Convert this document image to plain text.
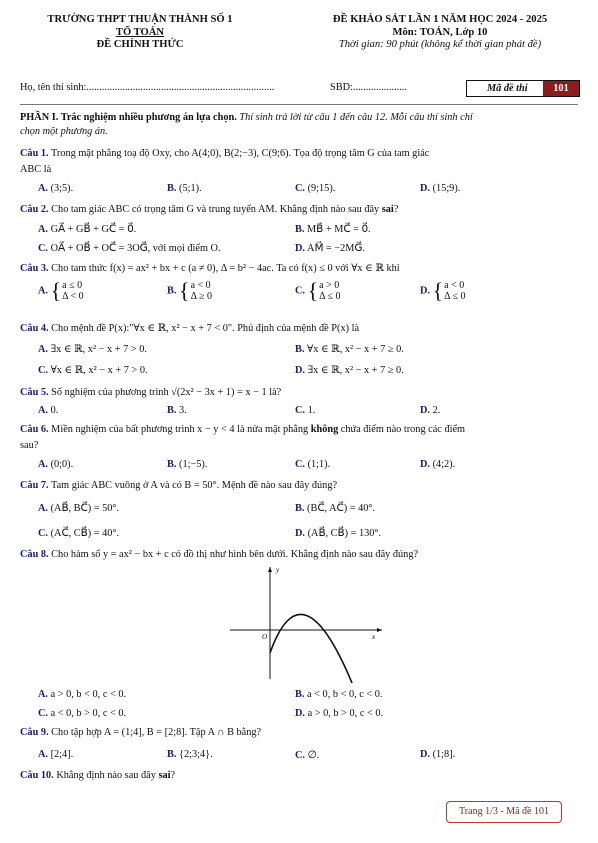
TRƯỜNG THPT THUẬN THÀNH SỐ 1
TỔ TOÁN
ĐỀ CHÍNH THỨC
ĐỀ KHẢO SÁT LẦN 1 NĂM HỌC 2024 - 2025
Môn: TOÁN, Lớp 10
Thời gian: 90 phút (không kể thời gian phát đề)
Họ, tên thí sinh:.........................................................................	SBD:.....................	Mã đề thi	101
PHẦN I. Trắc nghiệm nhiều phương án lựa chọn. Thí sinh trả lời từ câu 1 đến câu 12. Mỗi câu thí sinh chỉ
chọn một phương án.
Câu 1. Trong mặt phẳng toạ độ Oxy, cho A(4;0), B(2;−3), C(9;6). Tọa độ trọng tâm G của tam giác
ABC là
A. (3;5).	B. (5;1).	C. (9;15).	D. (15;9).
Câu 2. Cho tam giác ABC có trọng tâm G và trung tuyến AM. Khẳng định nào sau đây sai?
A. GA⃗ + GB⃗ + GC⃗ = 0⃗.	B. MB⃗ + MC⃗ = 0⃗.
C. OA⃗ + OB⃗ + OC⃗ = 3OG⃗, với mọi điểm O.	D. AM⃗ = −2MG⃗.
Câu 3. Cho tam thức f(x) = ax² + bx + c (a ≠ 0), Δ = b² − 4ac. Ta có f(x) ≤ 0 với ∀x ∈ ℝ khi
A. {a ≤ 0
Δ < 0
B. {a < 0
Δ ≥ 0
C. {a > 0
Δ ≤ 0
D. {a < 0
Δ ≤ 0
Câu 4. Cho mệnh đề P(x):"∀x ∈ ℝ, x² − x + 7 < 0". Phủ định của mệnh đề P(x) là
A. ∃x ∈ ℝ, x² − x + 7 > 0.	B. ∀x ∈ ℝ, x² − x + 7 ≥ 0.
C. ∀x ∈ ℝ, x² − x + 7 > 0.	D. ∃x ∈ ℝ, x² − x + 7 ≥ 0.
Câu 5. Số nghiệm của phương trình √(2x² − 3x + 1) = x − 1 là?
A. 0.	B. 3.	C. 1.	D. 2.
Câu 6. Miền nghiệm của bất phương trình x − y < 4 là nửa mặt phẳng không chứa điểm nào trong các điểm
sau?
A. (0;0).	B. (1;−5).	C. (1;1).	D. (4;2).
Câu 7. Tam giác ABC vuông ở A và có B = 50°. Mệnh đề nào sau đây đúng?
A. (AB⃗, BC⃗) = 50°.	B. (BC⃗, AC⃗) = 40°.
C. (AC⃗, CB⃗) = 40°.	D. (AB⃗, CB⃗) = 130°.
Câu 8. Cho hàm số y = ax² − bx + c có đồ thị như hình bên dưới. Khẳng định nào sau đây đúng?
y
x
O
A. a > 0, b < 0, c < 0.	B. a < 0, b < 0, c < 0.
C. a < 0, b > 0, c < 0.	D. a > 0, b > 0, c < 0.
Câu 9. Cho tập hợp A = (1;4], B = [2;8]. Tập A ∩ B bằng?
A. [2;4].	B. {2;3;4}.	C. ∅.	D. (1;8].
Câu 10. Khẳng định nào sau đây sai?
Trang 1/3 - Mã đề 101
